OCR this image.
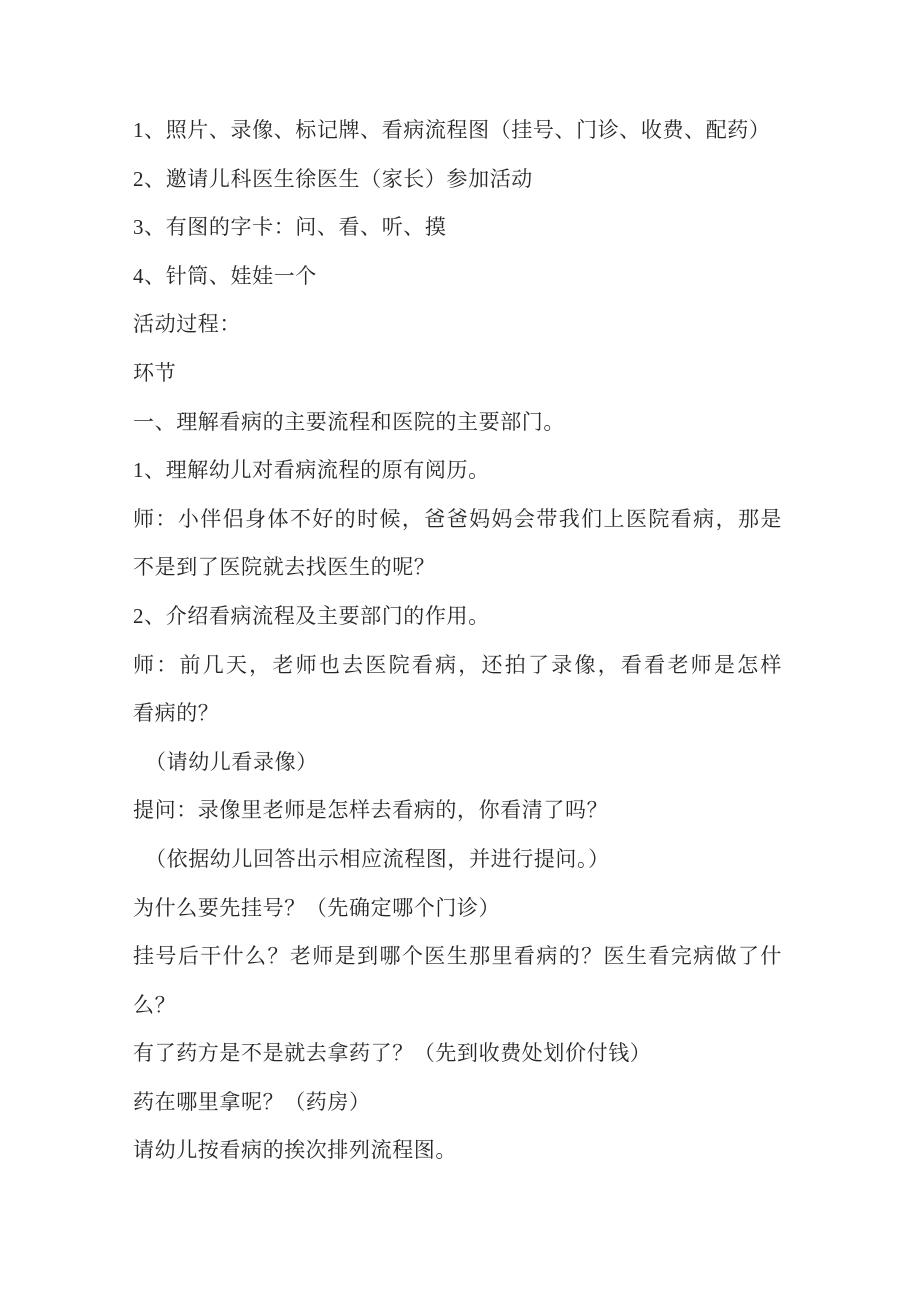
1、照片、录像、标记牌、看病流程图（挂号、门诊、收费、配药）

2、邀请儿科医生徐医生（家长）参加活动

3、有图的字卡：问、看、听、摸

4、针筒、娃娃一个

活动过程：

环节

一、理解看病的主要流程和医院的主要部门。

1、理解幼儿对看病流程的原有阅历。

师：小伴侣身体不好的时候，爸爸妈妈会带我们上医院看病，那是

不是到了医院就去找医生的呢？

2、介绍看病流程及主要部门的作用。

师：前几天，老师也去医院看病，还拍了录像，看看老师是怎样

看病的？

（请幼儿看录像）

提问：录像里老师是怎样去看病的，你看清了吗？

（依据幼儿回答出示相应流程图，并进行提问。）

为什么要先挂号？（先确定哪个门诊）

挂号后干什么？老师是到哪个医生那里看病的？医生看完病做了什

么？

有了药方是不是就去拿药了？（先到收费处划价付钱）

药在哪里拿呢？（药房）

请幼儿按看病的挨次排列流程图。
